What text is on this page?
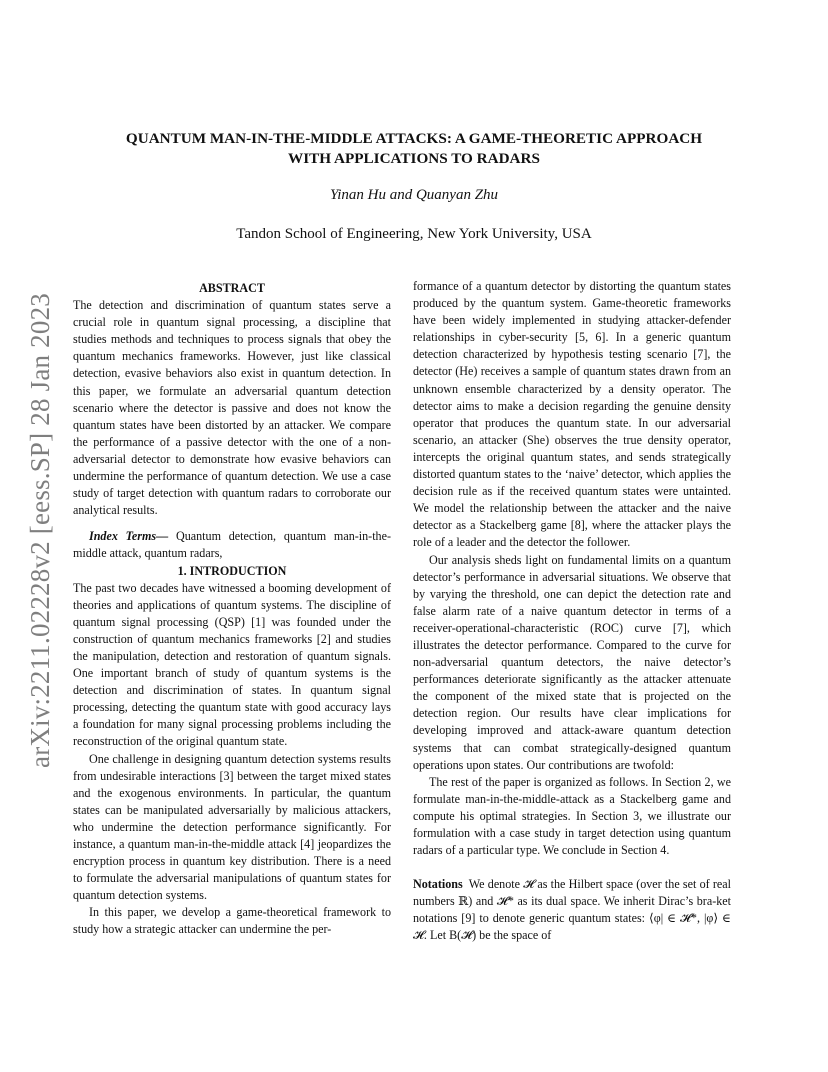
arXiv:2211.02228v2 [eess.SP] 28 Jan 2023
QUANTUM MAN-IN-THE-MIDDLE ATTACKS: A GAME-THEORETIC APPROACH
WITH APPLICATIONS TO RADARS
Yinan Hu and Quanyan Zhu
Tandon School of Engineering, New York University, USA

ABSTRACT

The detection and discrimination of quantum states serve a crucial role in quantum signal processing, a discipline that studies methods and techniques to process signals that obey the quantum mechanics frameworks. However, just like classical detection, evasive behaviors also exist in quantum detection. In this paper, we formulate an adversarial quantum detection scenario where the detector is passive and does not know the quantum states have been distorted by an attacker. We compare the performance of a passive detector with the one of a non-adversarial detector to demonstrate how evasive behaviors can undermine the performance of quantum detection. We use a case study of target detection with quantum radars to corroborate our analytical results.

Index Terms— Quantum detection, quantum man-in-the-middle attack, quantum radars,

1. INTRODUCTION

The past two decades have witnessed a booming development of theories and applications of quantum systems. The discipline of quantum signal processing (QSP) [1] was founded under the construction of quantum mechanics frameworks [2] and studies the manipulation, detection and restoration of quantum signals. One important branch of study of quantum systems is the detection and discrimination of states. In quantum signal processing, detecting the quantum state with good accuracy lays a foundation for many signal processing problems including the reconstruction of the original quantum state.

One challenge in designing quantum detection systems results from undesirable interactions [3] between the target mixed states and the exogenous environments. In particular, the quantum states can be manipulated adversarially by malicious attackers, who undermine the detection performance significantly. For instance, a quantum man-in-the-middle attack [4] jeopardizes the encryption process in quantum key distribution. There is a need to formulate the adversarial manipulations of quantum states for quantum detection systems.

In this paper, we develop a game-theoretical framework to study how a strategic attacker can undermine the per-

formance of a quantum detector by distorting the quantum states produced by the quantum system. Game-theoretic frameworks have been widely implemented in studying attacker-defender relationships in cyber-security [5, 6]. In a generic quantum detection characterized by hypothesis testing scenario [7], the detector (He) receives a sample of quantum states drawn from an unknown ensemble characterized by a density operator. The detector aims to make a decision regarding the genuine density operator that produces the quantum state. In our adversarial scenario, an attacker (She) observes the true density operator, intercepts the original quantum states, and sends strategically distorted quantum states to the ‘naive’ detector, which applies the decision rule as if the received quantum states were untainted. We model the relationship between the attacker and the naive detector as a Stackelberg game [8], where the attacker plays the role of a leader and the detector the follower.

Our analysis sheds light on fundamental limits on a quantum detector’s performance in adversarial situations. We observe that by varying the threshold, one can depict the detection rate and false alarm rate of a naive quantum detector in terms of a receiver-operational-characteristic (ROC) curve [7], which illustrates the detector performance. Compared to the curve for non-adversarial quantum detectors, the naive detector’s performances deteriorate significantly as the attacker attenuate the component of the mixed state that is projected on the detection region. Our results have clear implications for developing improved and attack-aware quantum detection systems that can combat strategically-designed quantum operations upon states. Our contributions are twofold:

The rest of the paper is organized as follows. In Section 2, we formulate man-in-the-middle-attack as a Stackelberg game and compute his optimal strategies. In Section 3, we illustrate our formulation with a case study in target detection using quantum radars of a particular type. We conclude in Section 4.

Notations We denote 𝓗 as the Hilbert space (over the set of real numbers ℝ) and 𝓗* as its dual space. We inherit Dirac’s bra-ket notations [9] to denote generic quantum states: ⟨φ| ∈ 𝓗*, |φ⟩ ∈ 𝓗. Let B(𝓗) be the space of
